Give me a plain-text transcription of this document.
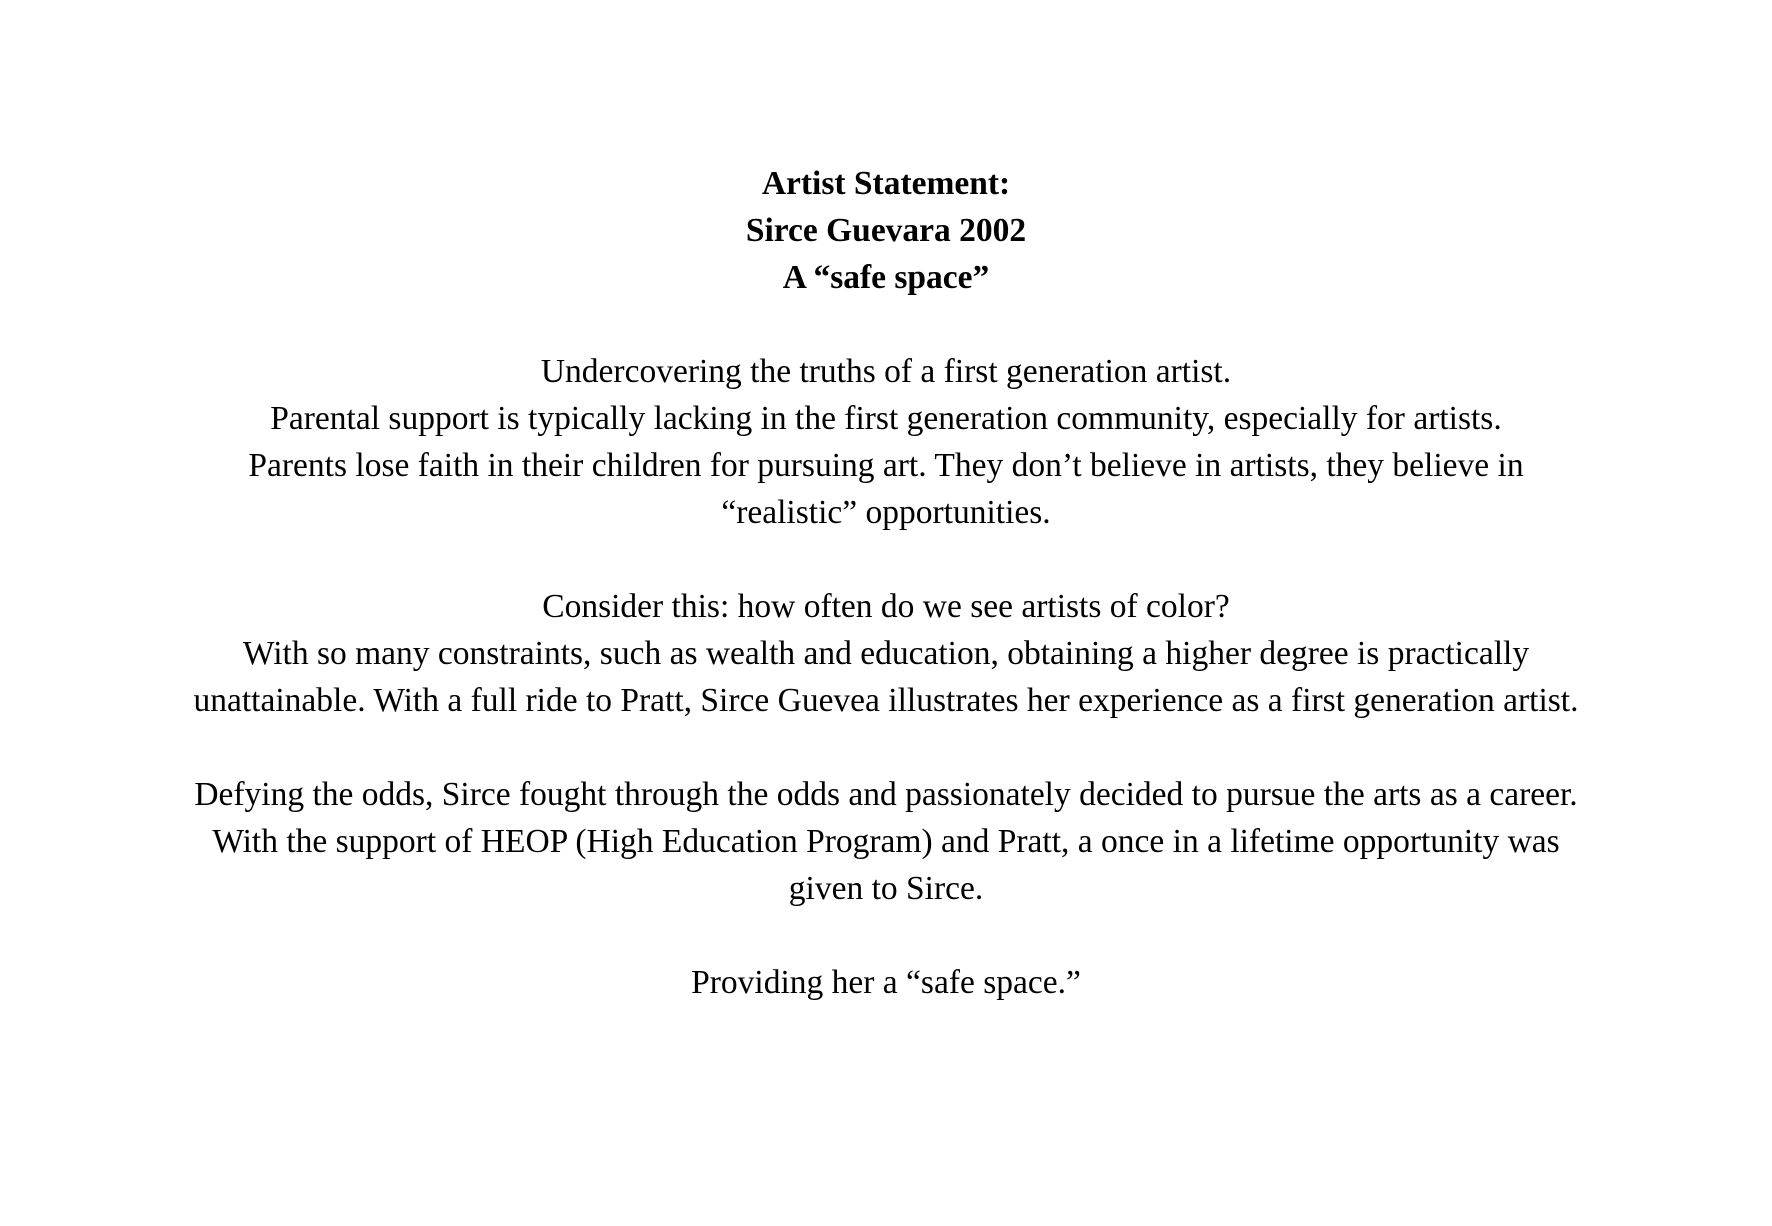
Artist Statement:
Sirce Guevara 2002
A “safe space”

Undercovering the truths of a first generation artist.

Parental support is typically lacking in the first generation community, especially for artists.

Parents lose faith in their children for pursuing art. They don’t believe in artists, they believe in “realistic” opportunities.

Consider this: how often do we see artists of color?

With so many constraints, such as wealth and education, obtaining a higher degree is practically unattainable. With a full ride to Pratt, Sirce Guevea illustrates her experience as a first generation artist.

Defying the odds, Sirce fought through the odds and passionately decided to pursue the arts as a career. With the support of HEOP (High Education Program) and Pratt, a once in a lifetime opportunity was given to Sirce.

Providing her a “safe space.”
